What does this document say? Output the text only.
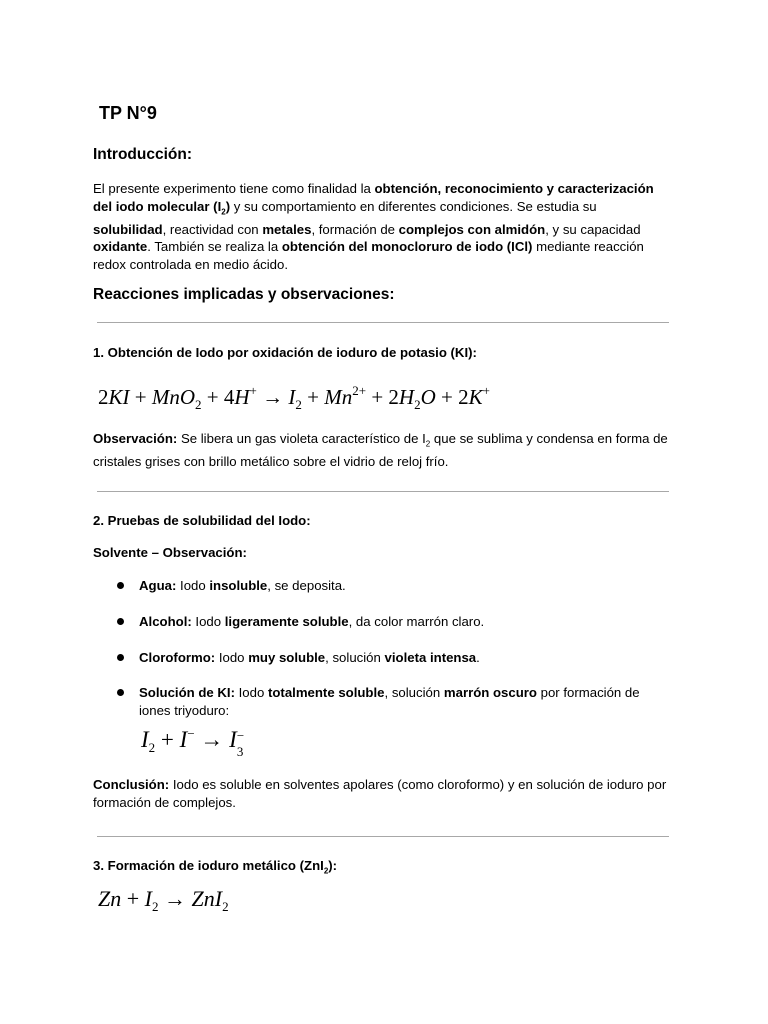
TP N°9
Introducción:

El presente experimento tiene como finalidad la obtención, reconocimiento y caracterización del iodo molecular $(I_2)$ y su comportamiento en diferentes condiciones. Se estudia su solubilidad, reactividad con metales, formación de complejos con almidón, y su capacidad oxidante. También se realiza la obtención del monocloruro de iodo (ICl) mediante reacción redox controlada en medio ácido.

Reacciones implicadas y observaciones:

1. Obtención de Iodo por oxidación de ioduro de potasio (KI):

$2KI + MnO_2 + 4H^+ \to I_2 + Mn^{2+} + 2H_2O + 2K^+$

Observación: Se libera un gas violeta característico de $I_2$ que se sublima y condensa en forma de cristales grises con brillo metálico sobre el vidrio de reloj frío.

2. Pruebas de solubilidad del Iodo:

Solvente – Observación:

Agua: Iodo insoluble, se deposita.
Alcohol: Iodo ligeramente soluble, da color marrón claro.
Cloroformo: Iodo muy soluble, solución violeta intensa.
Solución de KI: Iodo totalmente soluble, solución marrón oscuro por formación de iones triyoduro:
$I_2 + I^- \to I$ −
3

Conclusión: Iodo es soluble en solventes apolares (como cloroformo) y en solución de ioduro por formación de complejos.

3. Formación de ioduro metálico (ZnI$_2$):

$Zn + I_2 \to ZnI_2$
